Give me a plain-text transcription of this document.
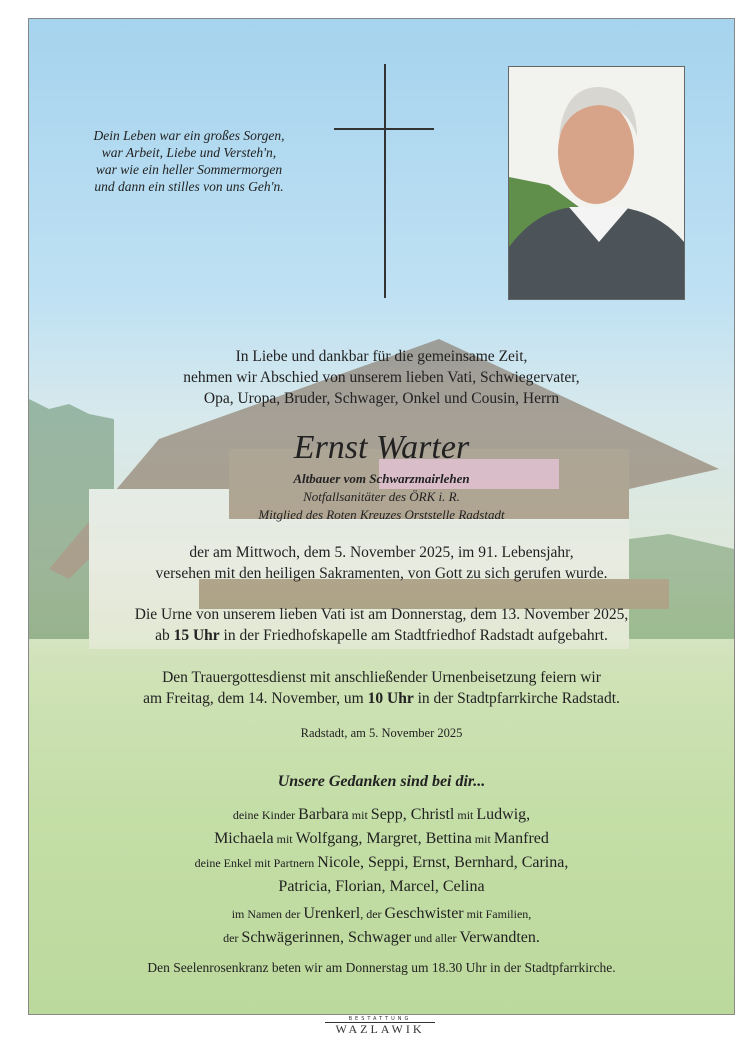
Dein Leben war ein großes Sorgen,
war Arbeit, Liebe und Versteh'n,
war wie ein heller Sommermorgen
und dann ein stilles von uns Geh'n.
In Liebe und dankbar für die gemeinsame Zeit,
nehmen wir Abschied von unserem lieben Vati, Schwiegervater,
Opa, Uropa, Bruder, Schwager, Onkel und Cousin, Herrn
Ernst Warter
Altbauer vom Schwarzmairlehen
Notfallsanitäter des ÖRK i. R.
Mitglied des Roten Kreuzes Orststelle Radstadt
der am Mittwoch, dem 5. November 2025, im 91. Lebensjahr,
versehen mit den heiligen Sakramenten, von Gott zu sich gerufen wurde.
Die Urne von unserem lieben Vati ist am Donnerstag, dem 13. November 2025,
ab 15 Uhr in der Friedhofskapelle am Stadtfriedhof Radstadt aufgebahrt.
Den Trauergottesdienst mit anschließender Urnenbeisetzung feiern wir
am Freitag, dem 14. November, um 10 Uhr in der Stadtpfarrkirche Radstadt.
Radstadt, am 5. November 2025
Unsere Gedanken sind bei dir...
deine Kinder Barbara mit Sepp, Christl mit Ludwig,
Michaela mit Wolfgang, Margret, Bettina mit Manfred
deine Enkel mit Partnern Nicole, Seppi, Ernst, Bernhard, Carina,
Patricia, Florian, Marcel, Celina
im Namen der Urenkerl, der Geschwister mit Familien,
der Schwägerinnen, Schwager und aller Verwandten.
Den Seelenrosenkranz beten wir am Donnerstag um 18.30 Uhr in der Stadtpfarrkirche.
BESTATTUNG
WAZLAWIK
